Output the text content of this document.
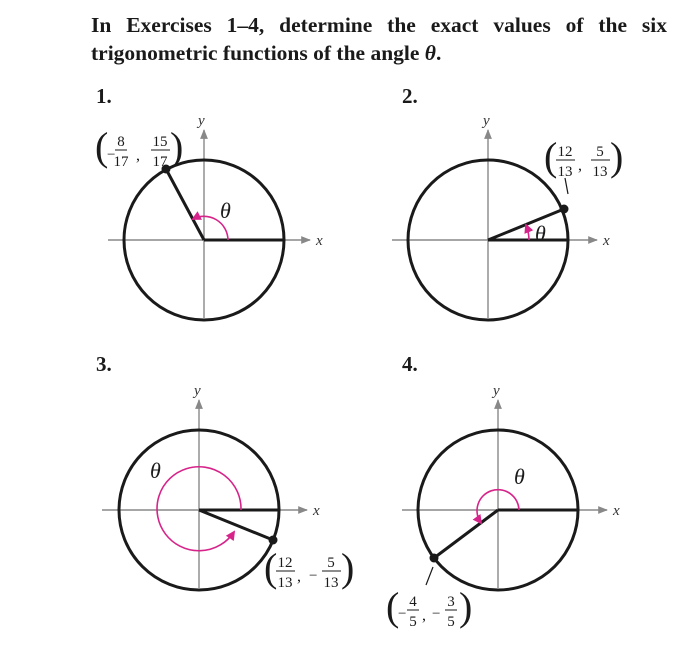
In Exercises 1–4, determine the exact values of the six trigonometric functions of the angle θ.

1.	2.

3.	4.

x
y
θ
(
−
8
17 ,
15
17 )
x
y
θ
( 12
13 ,
5
13 )
x
y
θ
( 12
13 , −
5
13 )
x
y
θ
(
−
4
5 , −
3
5 )
